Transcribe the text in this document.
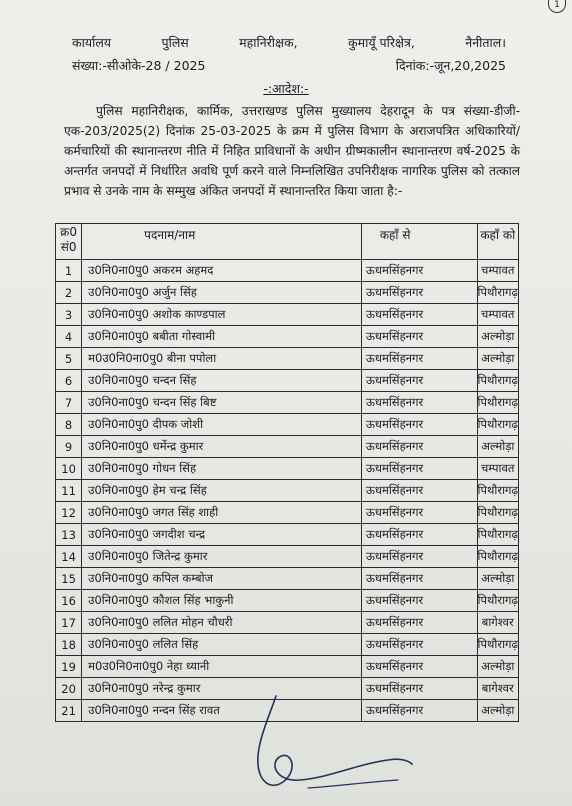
1
कार्यालय	पुलिस	महानिरीक्षक,	कुमायूँ परिक्षेत्र,	नैनीताल।
संख्या:-सीओके-28 / 2025	दिनांक:-जून,20,2025
-:आदेश:-
पुलिस महानिरीक्षक, कार्मिक, उत्तराखण्ड पुलिस मुख्यालय देहरादून के पत्र संख्या-डीजी-एक-203/2025(2) दिनांक 25-03-2025 के क्रम में पुलिस विभाग के अराजपत्रित अधिकारियों/कर्मचारियों की स्थानान्तरण नीति में निहित प्राविधानों के अधीन ग्रीष्मकालीन स्थानान्तरण वर्ष-2025 के अन्तर्गत जनपदों में निर्धारित अवधि पूर्ण करने वाले निम्नलिखित उपनिरीक्षक नागरिक पुलिस को तत्काल प्रभाव से उनके नाम के सम्मुख अंकित जनपदों में स्थानान्तरित किया जाता है:-
क्र0
सं0	पदनाम/नाम	कहाँ से	कहाँ को
1	उ0नि0ना0पु0 अकरम अहमद	ऊधमसिंहनगर	चम्पावत
2	उ0नि0ना0पु0 अर्जुन सिंह	ऊधमसिंहनगर	पिथौरागढ़
3	उ0नि0ना0पु0 अशोक काण्डपाल	ऊधमसिंहनगर	चम्पावत
4	उ0नि0ना0पु0 बबीता गोस्वामी	ऊधमसिंहनगर	अल्मोड़ा
5	म0उ0नि0ना0पु0 बीना पपोला	ऊधमसिंहनगर	अल्मोड़ा
6	उ0नि0ना0पु0 चन्दन सिंह	ऊधमसिंहनगर	पिथौरागढ़
7	उ0नि0ना0पु0 चन्दन सिंह बिष्ट	ऊधमसिंहनगर	पिथौरागढ़
8	उ0नि0ना0पु0 दीपक जोशी	ऊधमसिंहनगर	पिथौरागढ़
9	उ0नि0ना0पु0 धर्मेन्द्र कुमार	ऊधमसिंहनगर	अल्मोड़ा
10	उ0नि0ना0पु0 गोधन सिंह	ऊधमसिंहनगर	चम्पावत
11	उ0नि0ना0पु0 हेम चन्द्र सिंह	ऊधमसिंहनगर	पिथौरागढ़
12	उ0नि0ना0पु0 जगत सिंह शाही	ऊधमसिंहनगर	पिथौरागढ़
13	उ0नि0ना0पु0 जगदीश चन्द्र	ऊधमसिंहनगर	पिथौरागढ़
14	उ0नि0ना0पु0 जितेन्द्र कुमार	ऊधमसिंहनगर	पिथौरागढ़
15	उ0नि0ना0पु0 कपिल कम्बोज	ऊधमसिंहनगर	अल्मोड़ा
16	उ0नि0ना0पु0 कौशल सिंह भाकुनी	ऊधमसिंहनगर	पिथौरागढ़
17	उ0नि0ना0पु0 ललित मोहन चौधरी	ऊधमसिंहनगर	बागेश्वर
18	उ0नि0ना0पु0 ललित सिंह	ऊधमसिंहनगर	पिथौरागढ़
19	म0उ0नि0ना0पु0 नेहा ध्यानी	ऊधमसिंहनगर	अल्मोड़ा
20	उ0नि0ना0पु0 नरेन्द्र कुमार	ऊधमसिंहनगर	बागेश्वर
21	उ0नि0ना0पु0 नन्दन सिंह रावत	ऊधमसिंहनगर	अल्मोड़ा
